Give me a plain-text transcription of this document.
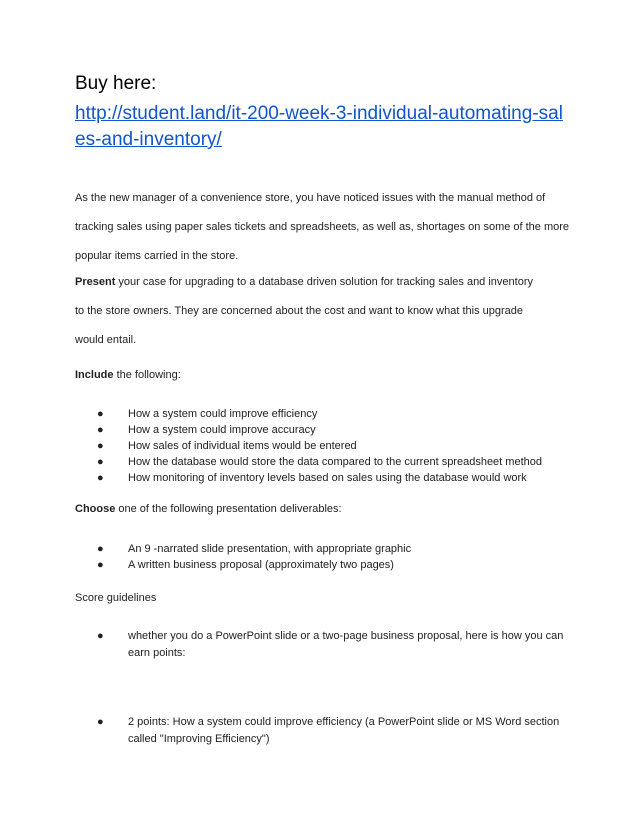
Buy here:
http://student.land/it-200-week-3-individual-automating-sales-and-inventory/
As the new manager of a convenience store, you have noticed issues with the manual method of tracking sales using paper sales tickets and spreadsheets, as well as, shortages on some of the more popular items carried in the store.
Present your case for upgrading to a database driven solution for tracking sales and inventory
to the store owners. They are concerned about the cost and want to know what this upgrade
would entail.
Include the following:
● How a system could improve efficiency
● How a system could improve accuracy
● How sales of individual items would be entered
● How the database would store the data compared to the current spreadsheet method
● How monitoring of inventory levels based on sales using the database would work
Choose one of the following presentation deliverables:
● An 9 -narrated slide presentation, with appropriate graphic
● A written business proposal (approximately two pages)
Score guidelines
● whether you do a PowerPoint slide or a two-page business proposal, here is how you can earn points:
● 2 points: How a system could improve efficiency (a PowerPoint slide or MS Word section called "Improving Efficiency")
